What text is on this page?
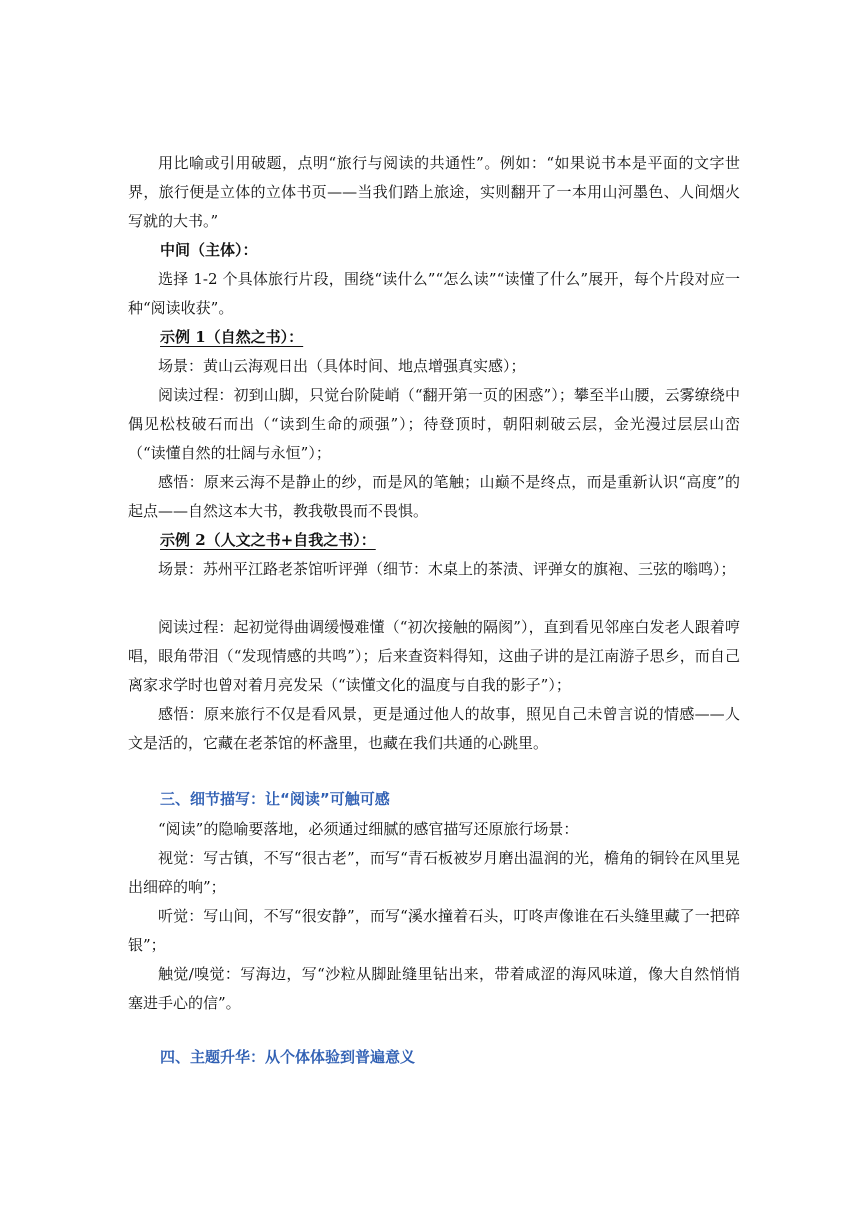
用比喻或引用破题，点明“旅行与阅读的共通性”。例如：“如果说书本是平面的文字世界，旅行便是立体的立体书页——当我们踏上旅途，实则翻开了一本用山河墨色、人间烟火写就的大书。”

中间（主体）：

选择 1-2 个具体旅行片段，围绕“读什么”“怎么读”“读懂了什么”展开，每个片段对应一种“阅读收获”。

示例 1（自然之书）：

场景：黄山云海观日出（具体时间、地点增强真实感）；

阅读过程：初到山脚，只觉台阶陡峭（“翻开第一页的困惑”）；攀至半山腰，云雾缭绕中偶见松枝破石而出（“读到生命的顽强”）；待登顶时，朝阳刺破云层，金光漫过层层山峦（“读懂自然的壮阔与永恒”）；

感悟：原来云海不是静止的纱，而是风的笔触；山巅不是终点，而是重新认识“高度”的起点——自然这本大书，教我敬畏而不畏惧。

示例 2（人文之书+自我之书）：

场景：苏州平江路老茶馆听评弹（细节：木桌上的茶渍、评弹女的旗袍、三弦的嗡鸣）；

阅读过程：起初觉得曲调缓慢难懂（“初次接触的隔阂”），直到看见邻座白发老人跟着哼唱，眼角带泪（“发现情感的共鸣”）；后来查资料得知，这曲子讲的是江南游子思乡，而自己离家求学时也曾对着月亮发呆（“读懂文化的温度与自我的影子”）；

感悟：原来旅行不仅是看风景，更是通过他人的故事，照见自己未曾言说的情感——人文是活的，它藏在老茶馆的杯盏里，也藏在我们共通的心跳里。

三、细节描写：让“阅读”可触可感

“阅读”的隐喻要落地，必须通过细腻的感官描写还原旅行场景：

视觉：写古镇，不写“很古老”，而写“青石板被岁月磨出温润的光，檐角的铜铃在风里晃出细碎的响”；

听觉：写山间，不写“很安静”，而写“溪水撞着石头，叮咚声像谁在石头缝里藏了一把碎银”；

触觉/嗅觉：写海边，写“沙粒从脚趾缝里钻出来，带着咸涩的海风味道，像大自然悄悄塞进手心的信”。

四、主题升华：从个体体验到普遍意义
